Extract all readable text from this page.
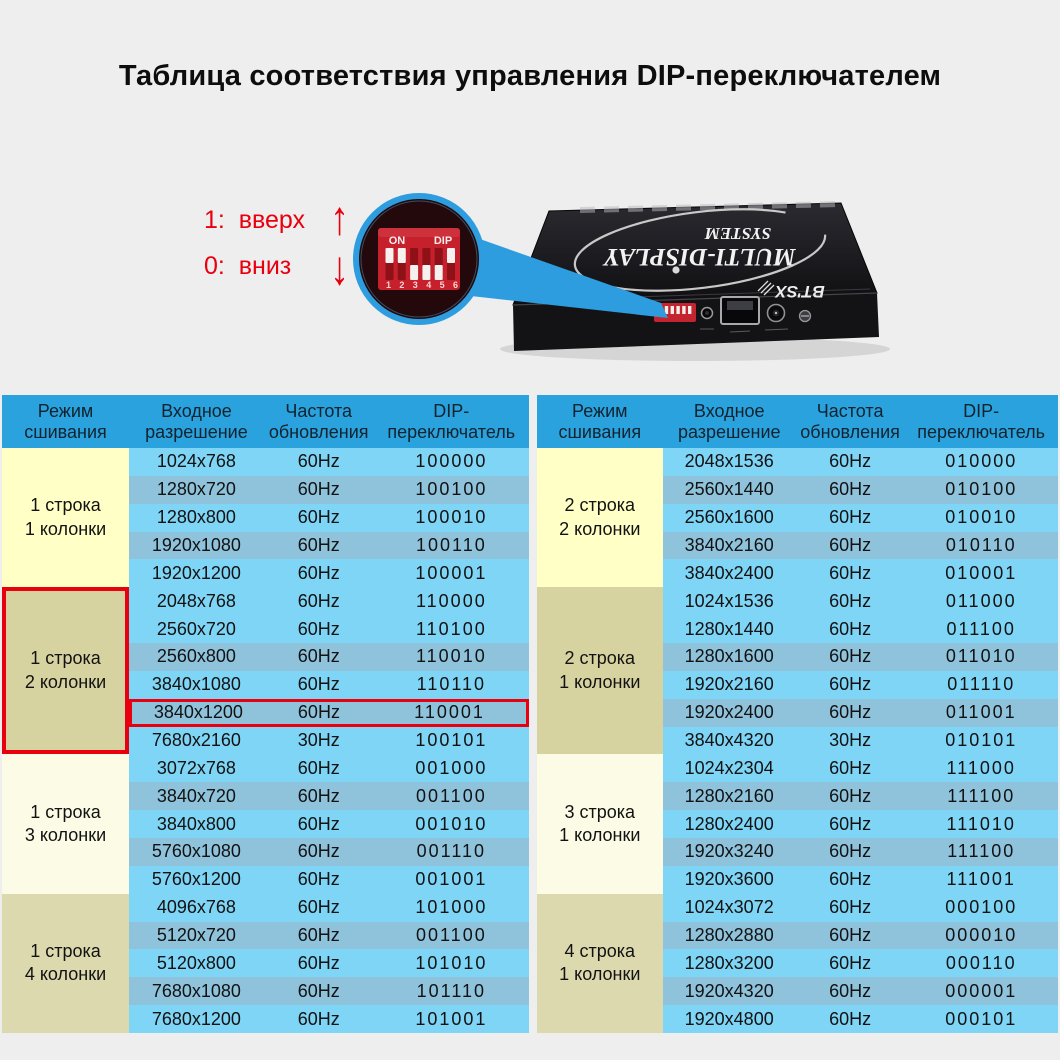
Таблица соответствия управления DIP-переключателем
1:  вверх
0:  вниз
↑
↓	MULTI-DISPLAY
SYSTEM
BT'SX
ON	DIP
1 2 3 4 5 6
Режим
сшивания
Входное
разрешение
Частота
обновления
DIP-
переключатель
1 строка
1 колонки
1024x768	60Hz	100000
1280x720	60Hz	100100
1280x800	60Hz	100010
1920x1080	60Hz	100110
1920x1200	60Hz	100001
1 строка
2 колонки
2048x768	60Hz	110000
2560x720	60Hz	110100
2560x800	60Hz	110010
3840x1080	60Hz	110110
3840x1200	60Hz	110001
7680x2160	30Hz	100101
1 строка
3 колонки
3072x768	60Hz	001000
3840x720	60Hz	001100
3840x800	60Hz	001010
5760x1080	60Hz	001110
5760x1200	60Hz	001001
1 строка
4 колонки
4096x768	60Hz	101000
5120x720	60Hz	001100
5120x800	60Hz	101010
7680x1080	60Hz	101110
7680x1200	60Hz	101001
Режим
сшивания
Входное
разрешение
Частота
обновления
DIP-
переключатель
2 строка
2 колонки
2048x1536	60Hz	010000
2560x1440	60Hz	010100
2560x1600	60Hz	010010
3840x2160	60Hz	010110
3840x2400	60Hz	010001
2 строка
1 колонки
1024x1536	60Hz	011000
1280x1440	60Hz	011100
1280x1600	60Hz	011010
1920x2160	60Hz	011110
1920x2400	60Hz	011001
3840x4320	30Hz	010101
3 строка
1 колонки
1024x2304	60Hz	111000
1280x2160	60Hz	111100
1280x2400	60Hz	111010
1920x3240	60Hz	111100
1920x3600	60Hz	111001
4 строка
1 колонки
1024x3072	60Hz	000100
1280x2880	60Hz	000010
1280x3200	60Hz	000110
1920x4320	60Hz	000001
1920x4800	60Hz	000101
